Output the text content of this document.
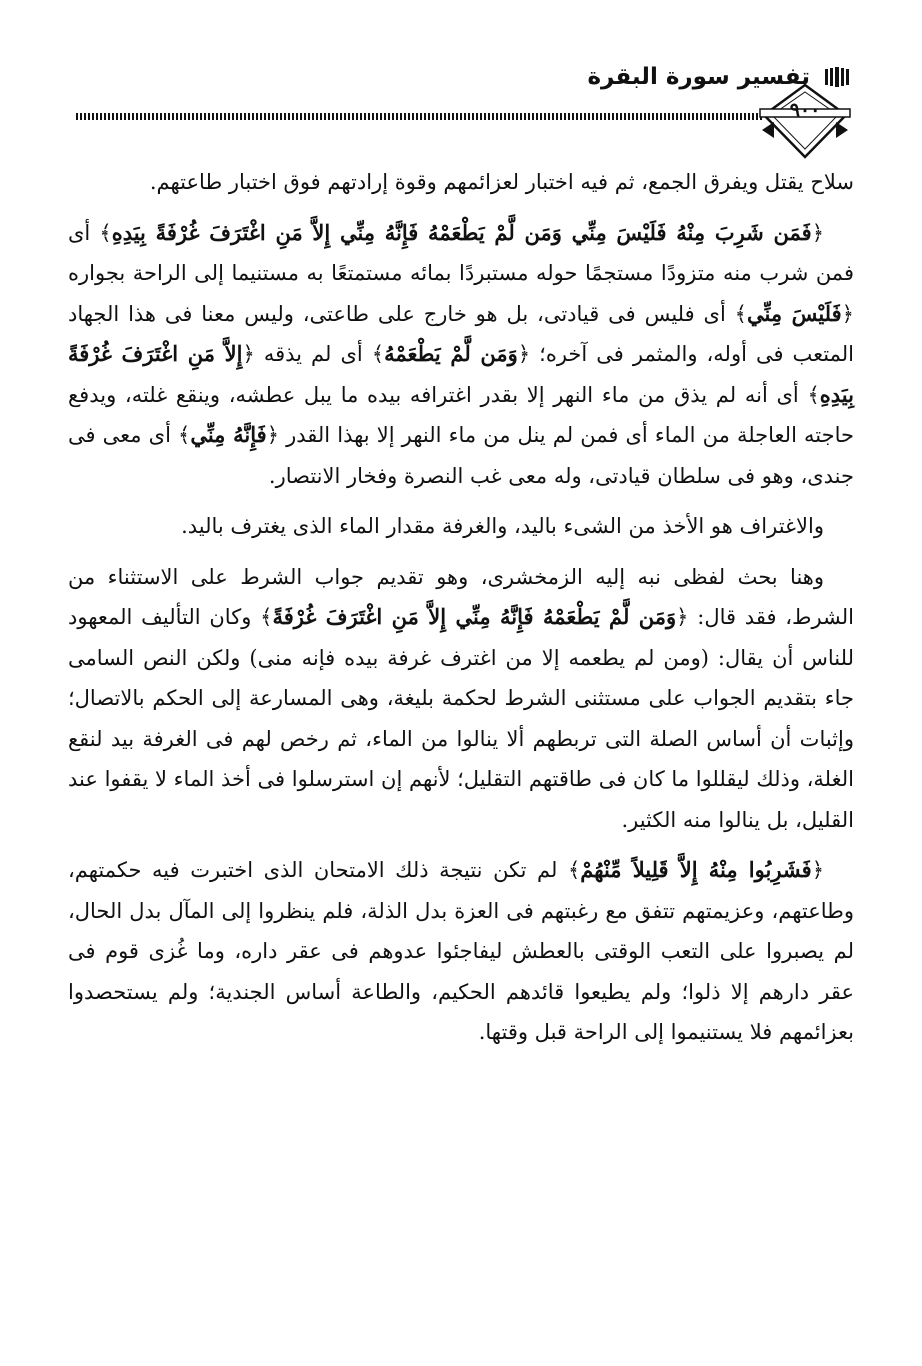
تفسير سورة البقرة
٩٠٠

سلاح يقتل ويفرق الجمع، ثم فيه اختبار لعزائمهم وقوة إرادتهم فوق اختبار طاعتهم.

﴿فَمَن شَرِبَ مِنْهُ فَلَيْسَ مِنِّي وَمَن لَّمْ يَطْعَمْهُ فَإِنَّهُ مِنِّي إِلاَّ مَنِ اغْتَرَفَ غُرْفَةً بِيَدِهِ﴾ أى فمن شرب منه متزودًا مستجمًا حوله مستبردًا بمائه مستمتعًا به مستنيما إلى الراحة بجواره ﴿فَلَيْسَ مِنِّي﴾ أى فليس فى قيادتى، بل هو خارج على طاعتى، وليس معنا فى هذا الجهاد المتعب فى أوله، والمثمر فى آخره؛ ﴿وَمَن لَّمْ يَطْعَمْهُ﴾ أى لم يذقه ﴿إِلاَّ مَنِ اغْتَرَفَ غُرْفَةً بِيَدِهِ﴾ أى أنه لم يذق من ماء النهر إلا بقدر اغترافه بيده ما يبل عطشه، وينقع غلته، ويدفع حاجته العاجلة من الماء أى فمن لم ينل من ماء النهر إلا بهذا القدر ﴿فَإِنَّهُ مِنِّي﴾ أى معى فى جندى، وهو فى سلطان قيادتى، وله معى غب النصرة وفخار الانتصار.

والاغتراف هو الأخذ من الشىء باليد، والغرفة مقدار الماء الذى يغترف باليد.

وهنا بحث لفظى نبه إليه الزمخشرى، وهو تقديم جواب الشرط على الاستثناء من الشرط، فقد قال: ﴿وَمَن لَّمْ يَطْعَمْهُ فَإِنَّهُ مِنِّي إِلاَّ مَنِ اغْتَرَفَ غُرْفَةً﴾ وكان التأليف المعهود للناس أن يقال: (ومن لم يطعمه إلا من اغترف غرفة بيده فإنه منى) ولكن النص السامى جاء بتقديم الجواب على مستثنى الشرط لحكمة بليغة، وهى المسارعة إلى الحكم بالاتصال؛ وإثبات أن أساس الصلة التى تربطهم ألا ينالوا من الماء، ثم رخص لهم فى الغرفة بيد لنقع الغلة، وذلك ليقللوا ما كان فى طاقتهم التقليل؛ لأنهم إن استرسلوا فى أخذ الماء لا يقفوا عند القليل، بل ينالوا منه الكثير.

﴿فَشَرِبُوا مِنْهُ إِلاَّ قَلِيلاً مِّنْهُمْ﴾ لم تكن نتيجة ذلك الامتحان الذى اختبرت فيه حكمتهم، وطاعتهم، وعزيمتهم تتفق مع رغبتهم فى العزة بدل الذلة، فلم ينظروا إلى المآل بدل الحال، لم يصبروا على التعب الوقتى بالعطش ليفاجئوا عدوهم فى عقر داره، وما غُزى قوم فى عقر دارهم إلا ذلوا؛ ولم يطيعوا قائدهم الحكيم، والطاعة أساس الجندية؛ ولم يستحصدوا بعزائمهم فلا يستنيموا إلى الراحة قبل وقتها.
